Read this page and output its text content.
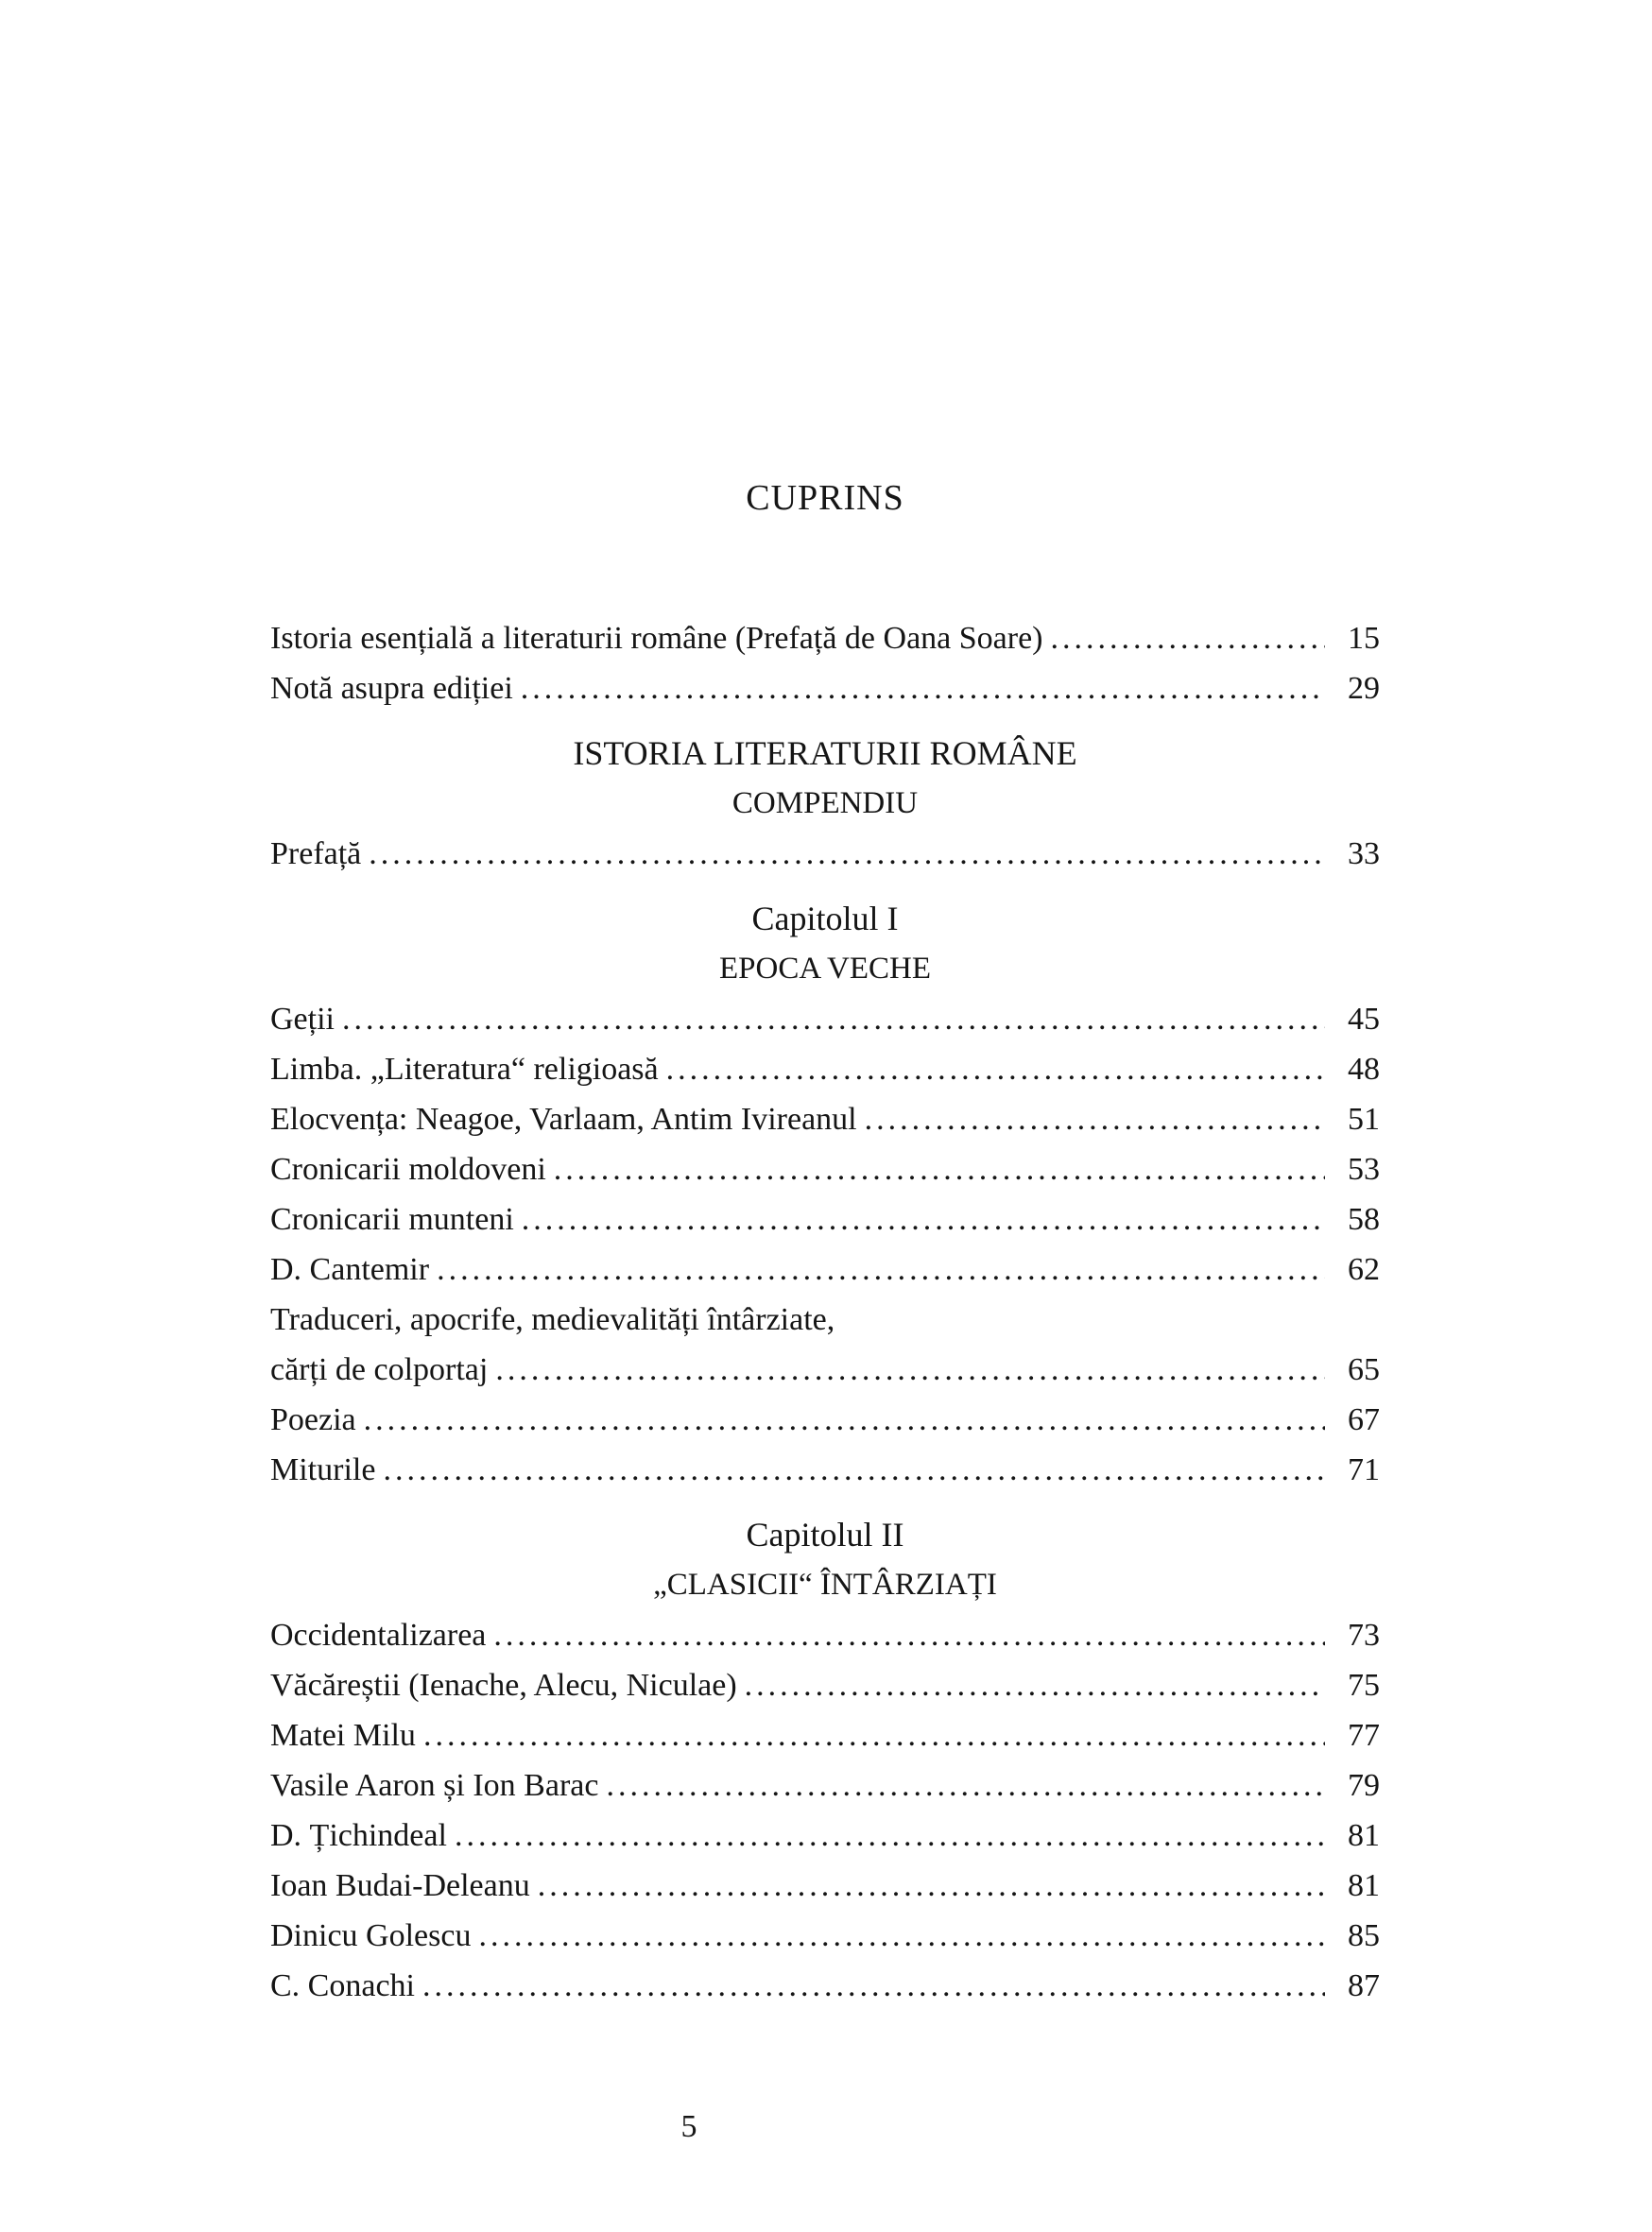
CUPRINS
Istoria esențială a literaturii române (Prefață de Oana Soare) .....	15
Notă asupra ediției .....	29
ISTORIA LITERATURII ROMÂNE
COMPENDIU
Prefață .....	33
Capitolul I
EPOCA VECHE
Geții .....	45
Limba. „Literatura“ religioasă .....	48
Elocvența: Neagoe, Varlaam, Antim Ivireanul .....	51
Cronicarii moldoveni .....	53
Cronicarii munteni .....	58
D. Cantemir .....	62
Traduceri, apocrife, medievalități întârziate,
cărți de colportaj .....	65
Poezia .....	67
Miturile .....	71
Capitolul II
„CLASICII“ ÎNTÂRZIAȚI
Occidentalizarea .....	73
Văcăreștii (Ienache, Alecu, Niculae) .....	75
Matei Milu .....	77
Vasile Aaron și Ion Barac .....	79
D. Țichindeal .....	81
Ioan Budai-Deleanu .....	81
Dinicu Golescu .....	85
C. Conachi .....	87
5
